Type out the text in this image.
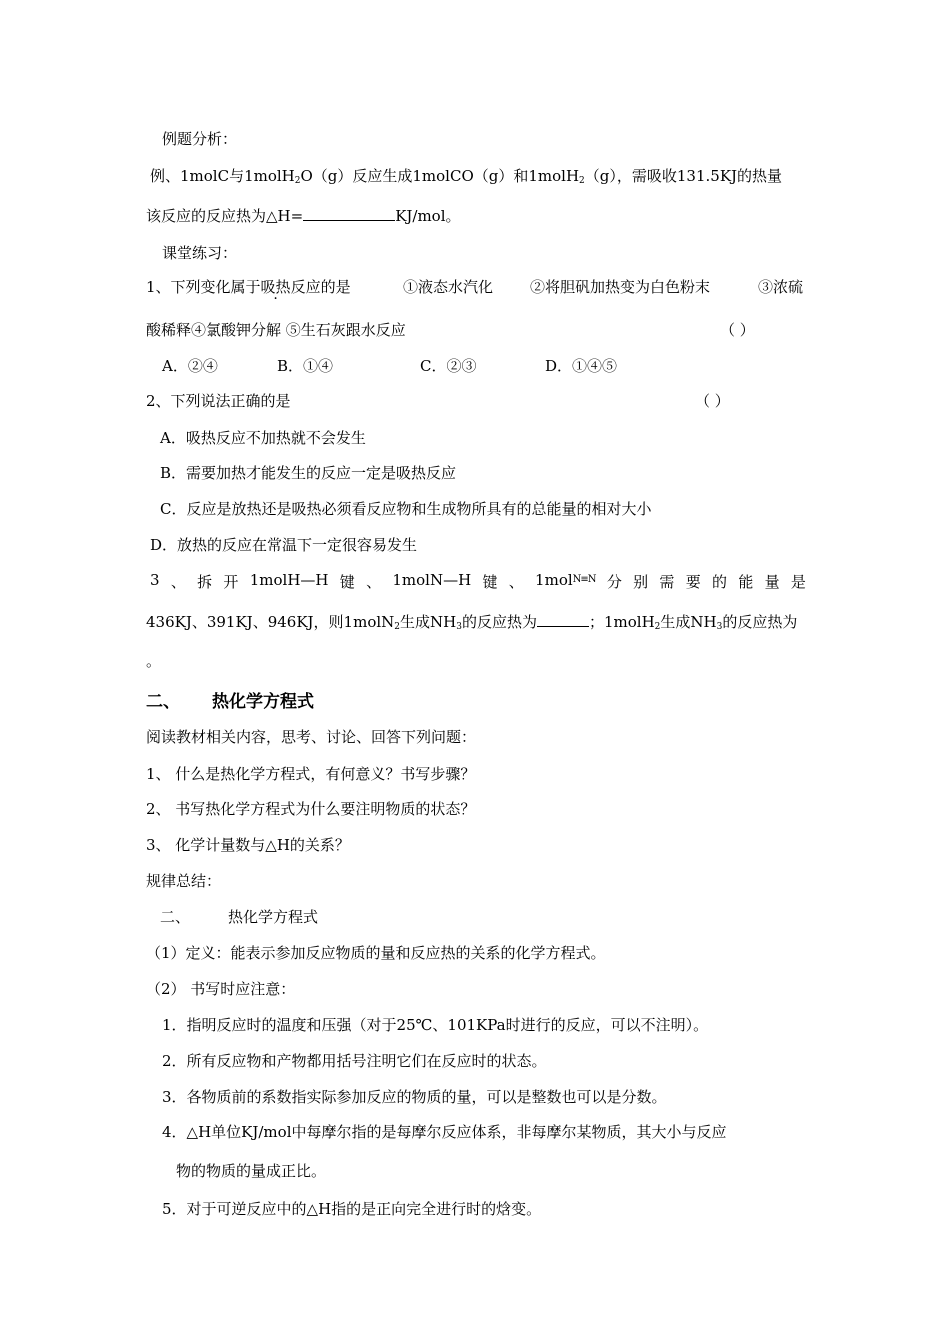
例题分析：
例、1molC与1molH$_2$O（g）反应生成1molCO（g）和1molH$_2$（g），需吸收131.5KJ的热量
该反应的反应热为△H=	KJ/mol。
课堂练习：
1、下列变化属于吸热反应的是	①液态水汽化 ②将胆矾加热变为白色粉末	③浓硫
酸稀释④氯酸钾分解 ⑤生石灰跟水反应	（ ）
A．②④	B．①④	C．②③	D．①④⑤
2、下列说法正确的是	（ ）
A．吸热反应不加热就不会发生
B．需要加热才能发生的反应一定是吸热反应
C．反应是放热还是吸热必须看反应物和生成物所具有的总能量的相对大小
D．放热的反应在常温下一定很容易发生
3 、 拆 开 1molH—H 键 、 1molN—H 键 、 1molN≡N 分 别 需 要 的 能 量 是
436KJ、391KJ、946KJ，则1molN$_2$生成$NH_3$的反应热为	；1molH$_2$生成$NH_3$的反应热为
。
二、 热化学方程式
阅读教材相关内容，思考、讨论、回答下列问题：
1、 什么是热化学方程式，有何意义？书写步骤？
2、 书写热化学方程式为什么要注明物质的状态？
3、 化学计量数与△H的关系？
规律总结：
二、	热化学方程式
（1）定义：能表示参加反应物质的量和反应热的关系的化学方程式。
（2） 书写时应注意：
1．指明反应时的温度和压强（对于25℃、101KPa时进行的反应，可以不注明）。
2．所有反应物和产物都用括号注明它们在反应时的状态。
3．各物质前的系数指实际参加反应的物质的量，可以是整数也可以是分数。
4．△H单位KJ/mol中每摩尔指的是每摩尔反应体系，非每摩尔某物质，其大小与反应
物的物质的量成正比。
5．对于可逆反应中的△H指的是正向完全进行时的焓变。
